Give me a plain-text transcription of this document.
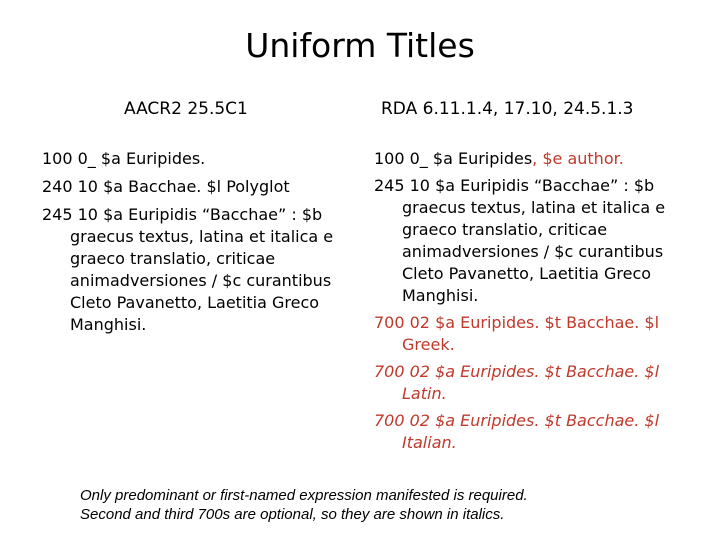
Uniform Titles
AACR2 25.5C1	RDA 6.11.1.4, 17.10, 24.5.1.3
100 0_ $a Euripides.
240 10 $a Bacchae. $l Polyglot
245 10 $a Euripidis “Bacchae” : $b graecus textus, latina et italica e graeco translatio, criticae animadversiones / $c curantibus Cleto Pavanetto, Laetitia Greco Manghisi.
100 0_ $a Euripides, $e author.
245 10 $a Euripidis “Bacchae” : $b graecus textus, latina et italica e graeco translatio, criticae animadversiones / $c curantibus Cleto Pavanetto, Laetitia Greco Manghisi.
700 02 $a Euripides. $t Bacchae. $l Greek.
700 02 $a Euripides. $t Bacchae. $l Latin.
700 02 $a Euripides. $t Bacchae. $l Italian.

Only predominant or first-named expression manifested is required.
Second and third 700s are optional, so they are shown in italics.
